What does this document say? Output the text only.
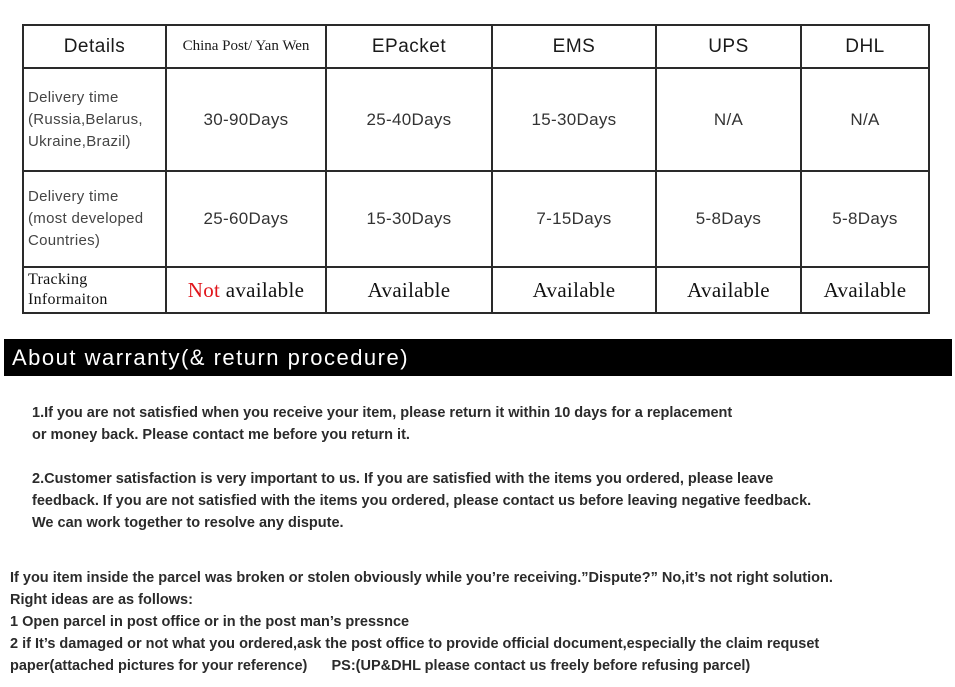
Details	China Post/ Yan Wen	EPacket	EMS	UPS	DHL

Delivery time
(Russia,Belarus,
Ukraine,Brazil)	30-90Days	25-40Days	15-30Days	N/A	N/A

Delivery time
(most developed
Countries)	25-60Days	15-30Days	7-15Days	5-8Days	5-8Days

Tracking
Informaiton	Not available	Available	Available	Available	Available
About warranty(& return procedure)
1.If you are not satisfied when you receive your item, please return it within 10 days for a replacement
or money back. Please contact me before you return it.
2.Customer satisfaction is very important to us. If you are satisfied with the items you ordered, please leave
feedback. If you are not satisfied with the items you ordered, please contact us before leaving negative feedback.
We can work together to resolve any dispute.
If you item inside the parcel was broken or stolen obviously while you’re receiving.”Dispute?” No,it’s not right solution.
Right ideas are as follows:
1 Open parcel in post office or in the post man’s pressnce
2 if It’s damaged or not what you ordered,ask the post office to provide official document,especially the claim requset
paper(attached pictures for your reference)      PS:(UP&DHL please contact us freely before refusing parcel)
